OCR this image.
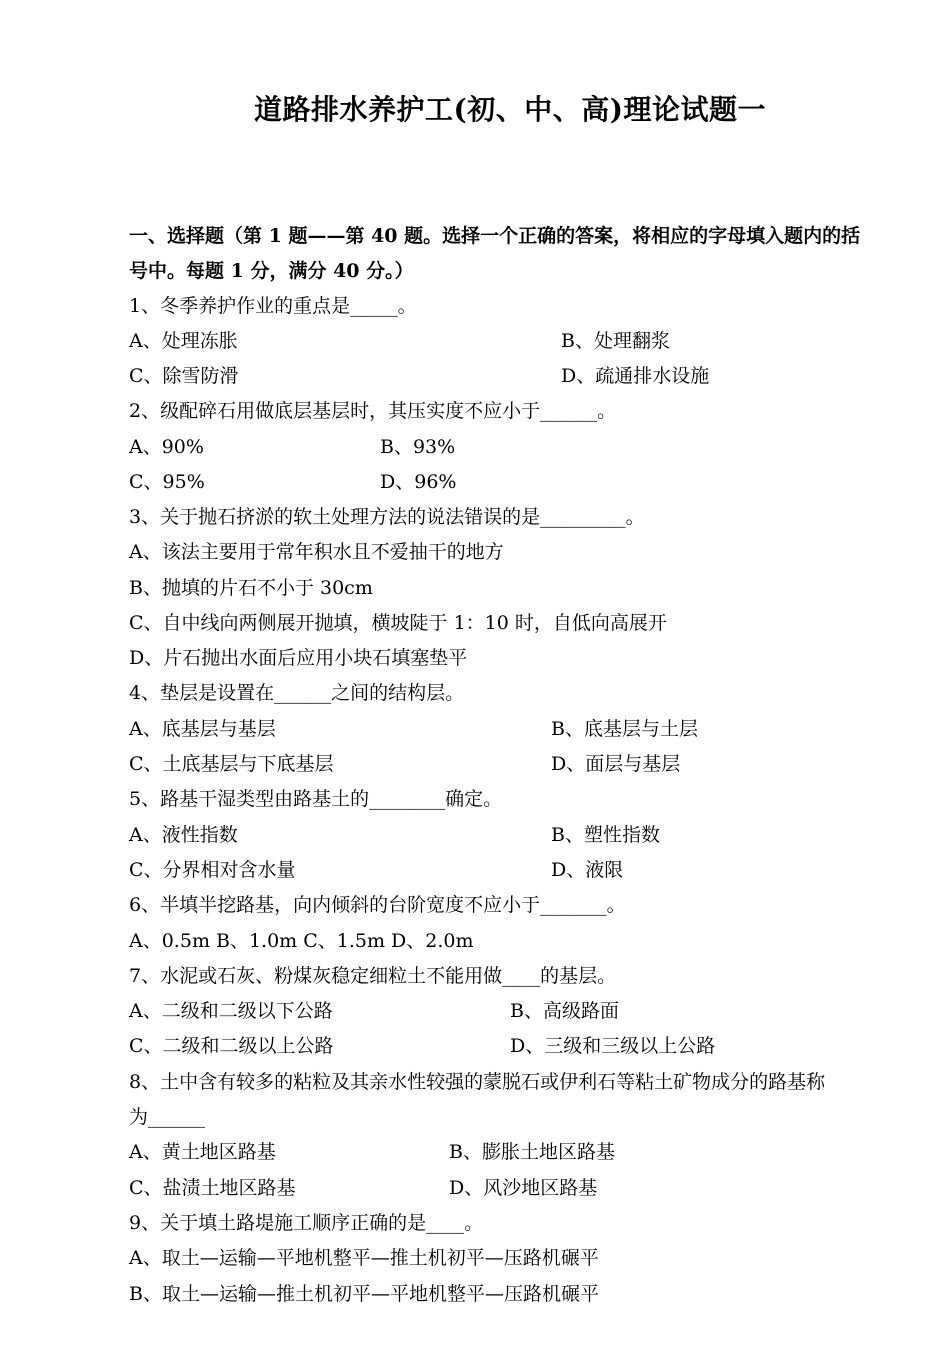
道路排水养护工(初、中、高)理论试题一
一、选择题（第 1 题——第 40 题。选择一个正确的答案，将相应的字母填入题内的括
号中。每题 1 分，满分 40 分。）
1、冬季养护作业的重点是_____。
A、处理冻胀	B、处理翻浆
C、除雪防滑	D、疏通排水设施
2、级配碎石用做底层基层时，其压实度不应小于______。
A、90%	B、93%
C、95%	D、96%
3、关于抛石挤淤的软土处理方法的说法错误的是_________。
A、该法主要用于常年积水且不爱抽干的地方
B、抛填的片石不小于 30cm
C、自中线向两侧展开抛填，横坡陡于 1：10 时，自低向高展开
D、片石抛出水面后应用小块石填塞垫平
4、垫层是设置在______之间的结构层。
A、底基层与基层	B、底基层与土层
C、土底基层与下底基层	D、面层与基层
5、路基干湿类型由路基土的________确定。
A、液性指数	B、塑性指数
C、分界相对含水量	D、液限
6、半填半挖路基，向内倾斜的台阶宽度不应小于_______。
A、0.5m B、1.0m C、1.5m D、2.0m
7、水泥或石灰、粉煤灰稳定细粒土不能用做____的基层。
A、二级和二级以下公路	B、高级路面
C、二级和二级以上公路	D、三级和三级以上公路
8、土中含有较多的粘粒及其亲水性较强的蒙脱石或伊利石等粘土矿物成分的路基称
为______
A、黄土地区路基	B、膨胀土地区路基
C、盐渍土地区路基	D、风沙地区路基
9、关于填土路堤施工顺序正确的是____。
A、取土—运输—平地机整平—推土机初平—压路机碾平
B、取土—运输—推土机初平—平地机整平—压路机碾平
